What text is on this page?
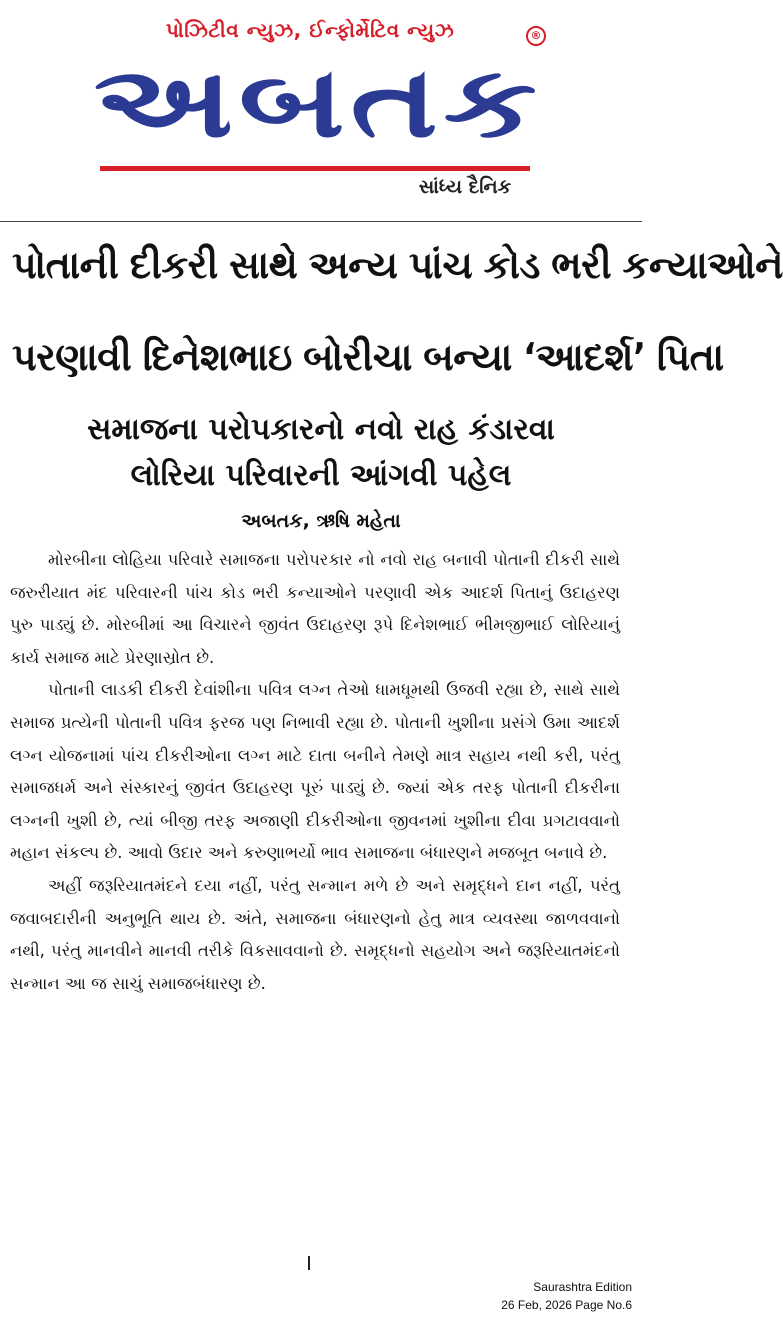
પોઝિટીવ ન્યુઝ, ઈન્ફોર્મેટિવ ન્યુઝ
અબતક
®
સાંધ્ય દૈનિક
પોતાની દીકરી સાથે અન્ય પાંચ કોડ ભરી કન્યાઓને
પરણાવી દિનેશભાઇ બોરીચા બન્યા ‘આદર્શ’ પિતા
સમાજના પરોપકારનો નવો રાહ કંડારવા
લોરિયા પરિવારની આંગવી પહેલ
અબતક, ઋષિ મહેતા

મોરબીના લોહિયા પરિવારે સમાજના પરોપરકાર નો નવો રાહ બનાવી પોતાની દીકરી સાથે જરુરીયાત મંદ પરિવારની પાંચ કોડ ભરી કન્યાઓને પરણાવી એક આદર્શ પિતાનું ઉદાહરણ પુરુ પાડ્યું છે. મોરબીમાં આ વિચારને જીવંત ઉદાહરણ રૂપે દિનેશભાઈ ભીમજીભાઈ લોરિયાનું કાર્ય સમાજ માટે પ્રેરણાસ્રોત છે.

પોતાની લાડકી દીકરી દેવાંશીના પવિત્ર લગ્ન તેઓ ધામધૂમથી ઉજવી રહ્યા છે, સાથે સાથે સમાજ પ્રત્યેની પોતાની પવિત્ર ફરજ પણ નિભાવી રહ્યા છે. પોતાની ખુશીના પ્રસંગે ઉમા આદર્શ લગ્ન યોજનામાં પાંચ દીકરીઓના લગ્ન માટે દાતા બનીને તેમણે માત્ર સહાય નથી કરી, પરંતુ સમાજધર્મ અને સંસ્કારનું જીવંત ઉદાહરણ પૂરું પાડ્યું છે. જ્યાં એક તરફ પોતાની દીકરીના લગ્નની ખુશી છે, ત્યાં બીજી તરફ અજાણી દીકરીઓના જીવનમાં ખુશીના દીવા પ્રગટાવવાનો મહાન સંકલ્પ છે. આવો ઉદાર અને કરુણાભર્યો ભાવ સમાજના બંધારણને મજબૂત બનાવે છે.

અહીં જરૂરિયાતમંદને દયા નહીં, પરંતુ સન્માન મળે છે અને સમૃદ્ધને દાન નહીં, પરંતુ જવાબદારીની અનુભૂતિ થાય છે. અંતે, સમાજના બંધારણનો હેતુ માત્ર વ્યવસ્થા જાળવવાનો નથી, પરંતુ માનવીને માનવી તરીકે વિકસાવવાનો છે. સમૃદ્ધનો સહયોગ અને જરૂરિયાતમંદનો સન્માન આ જ સાચું સમાજબંધારણ છે.

Saurashtra Edition
26 Feb, 2026 Page No.6
